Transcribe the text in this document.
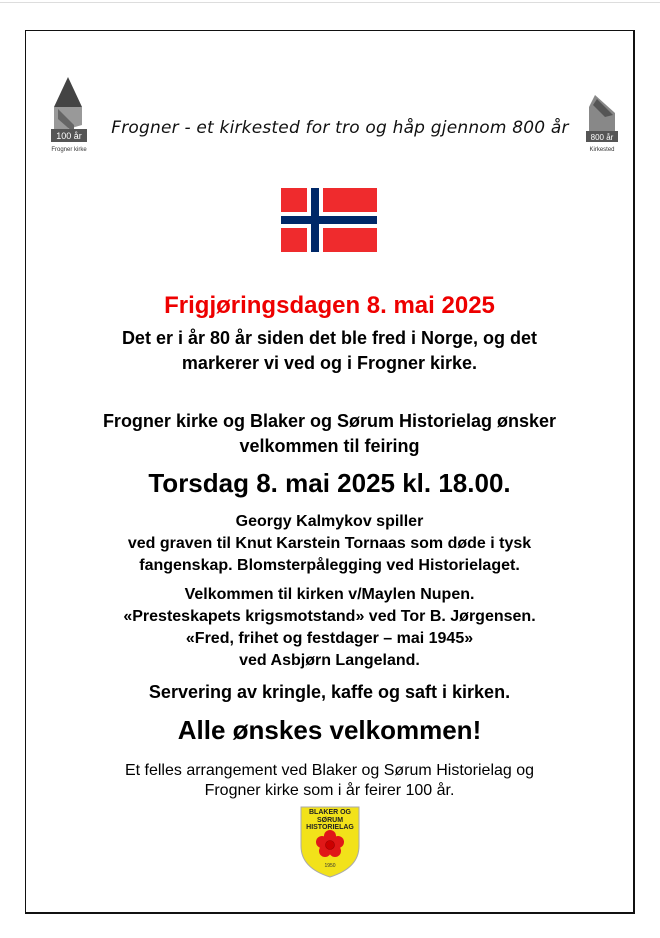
100 år
Frogner kirke
Frogner - et kirkested for tro og håp gjennom 800 år	800 år
Kirkested
Frigjøringsdagen 8. mai 2025
Det er i år 80 år siden det ble fred i Norge, og det
markerer vi ved og i Frogner kirke.
Frogner kirke og Blaker og Sørum Historielag ønsker
velkommen til feiring
Torsdag 8. mai 2025 kl. 18.00.
Georgy Kalmykov spiller
ved graven til Knut Karstein Tornaas som døde i tysk
fangenskap. Blomsterpålegging ved Historielaget.
Velkommen til kirken v/Maylen Nupen.
«Presteskapets krigsmotstand» ved Tor B. Jørgensen.
«Fred, frihet og festdager – mai 1945»
ved Asbjørn Langeland.
Servering av kringle, kaffe og saft i kirken.
Alle ønskes velkommen!
Et felles arrangement ved Blaker og Sørum Historielag og
Frogner kirke som i år feirer 100 år.
1950
BLAKER OG SØRUM HISTORIELAG
